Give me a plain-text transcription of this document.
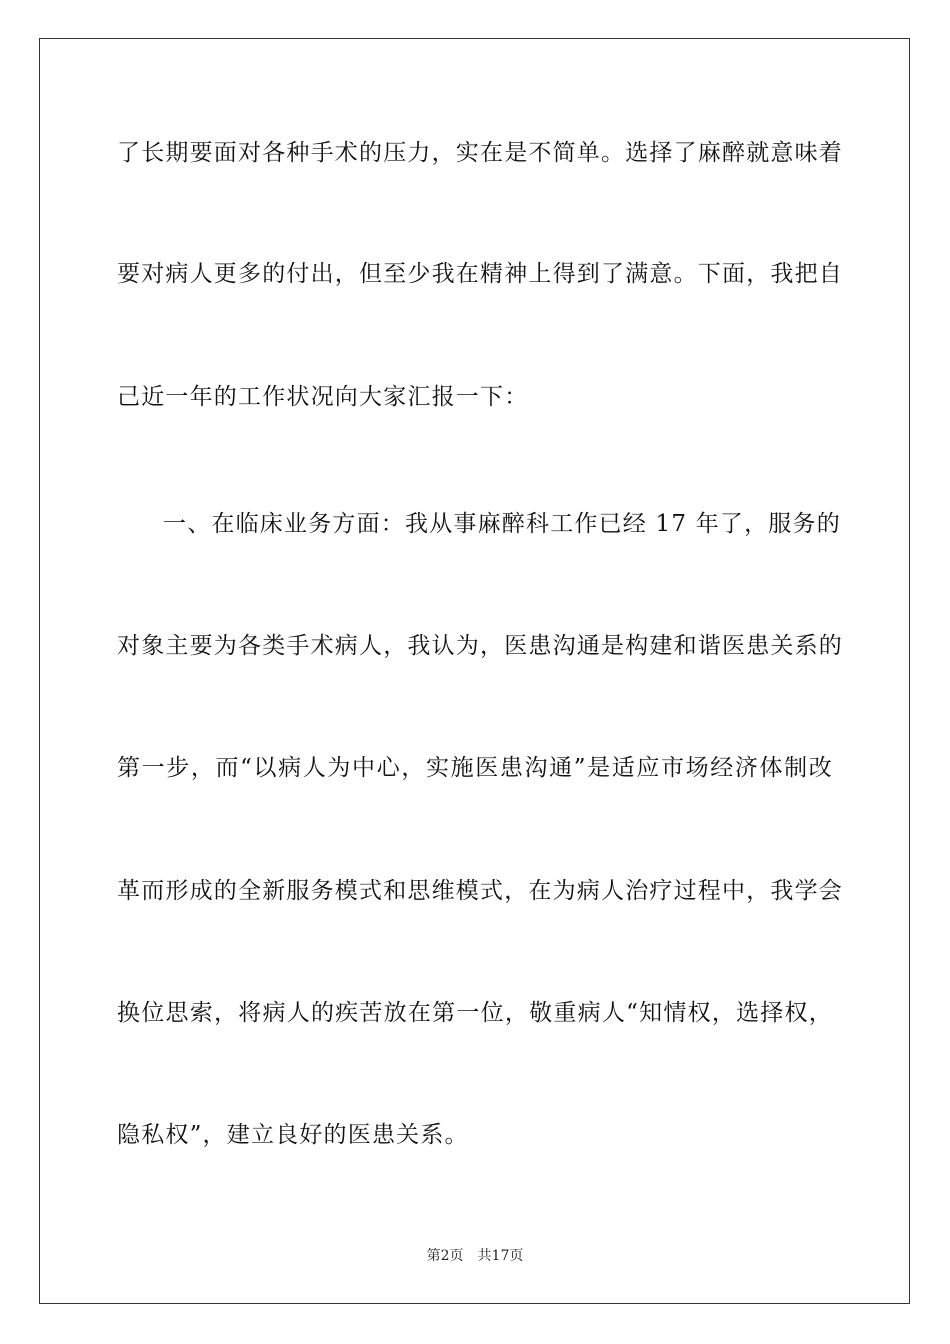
了长期要面对各种手术的压力，实在是不简单。选择了麻醉就意味着
要对病人更多的付出，但至少我在精神上得到了满意。下面，我把自
己近一年的工作状况向大家汇报一下：
一、在临床业务方面：我从事麻醉科工作已经 17 年了，服务的
对象主要为各类手术病人，我认为，医患沟通是构建和谐医患关系的
第一步，而“以病人为中心，实施医患沟通”是适应市场经济体制改
革而形成的全新服务模式和思维模式，在为病人治疗过程中，我学会
换位思索，将病人的疾苦放在第一位，敬重病人“知情权，选择权，
隐私权”，建立良好的医患关系。
第2页 共17页
